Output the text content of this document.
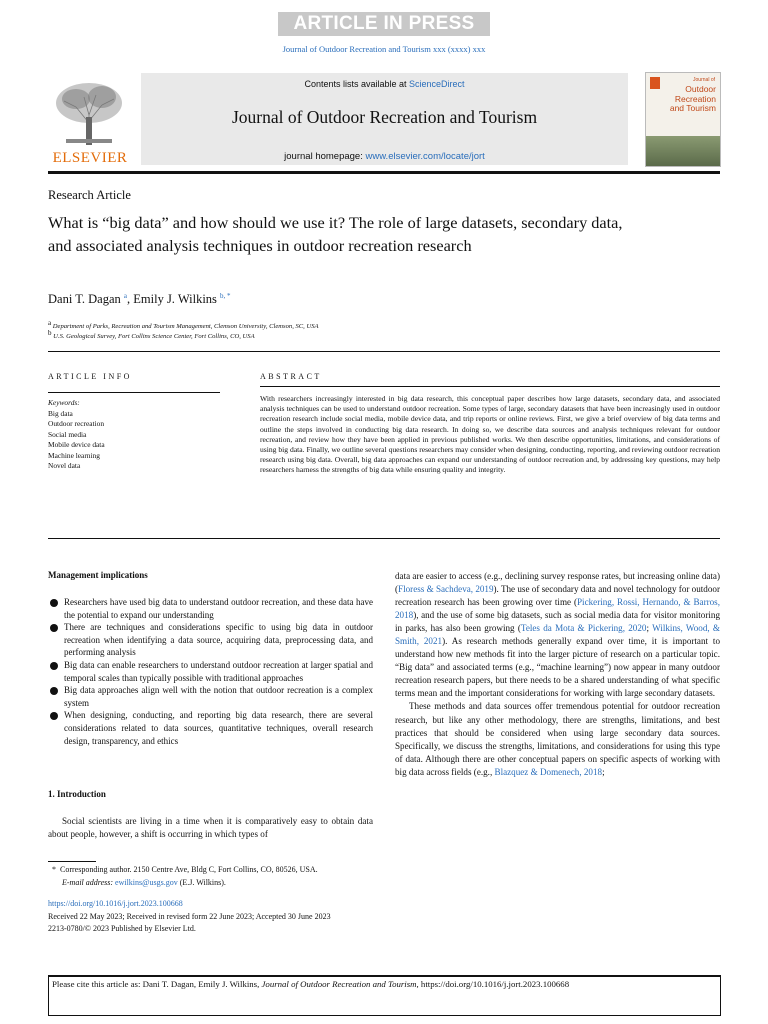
ARTICLE IN PRESS
Journal of Outdoor Recreation and Tourism xxx (xxxx) xxx
ELSEVIER
Contents lists available at ScienceDirect
Journal of Outdoor Recreation and Tourism
journal homepage: www.elsevier.com/locate/jort
Journal of
Outdoor
Recreation
and Tourism
Research Article
What is “big data” and how should we use it? The role of large datasets, secondary data, and associated analysis techniques in outdoor recreation research
Dani T. Dagan $^a$, Emily J. Wilkins $^{b, *}$
$^a$ Department of Parks, Recreation and Tourism Management, Clemson University, Clemson, SC, USA
$^b$ U.S. Geological Survey, Fort Collins Science Center, Fort Collins, CO, USA
ARTICLE INFO
Keywords:
Big data
Outdoor recreation
Social media
Mobile device data
Machine learning
Novel data
ABSTRACT
With researchers increasingly interested in big data research, this conceptual paper describes how large datasets, secondary data, and associated analysis techniques can be used to understand outdoor recreation. Some types of large, secondary datasets that have been increasingly used in outdoor recreation research include social media, mobile device data, and trip reports or online reviews. First, we give a brief overview of big data terms and outline the steps involved in conducting big data research. In doing so, we describe data sources and analysis techniques relevant for outdoor recreation, and review how they have been applied in previous published works. We then describe opportunities, limitations, and considerations of using big data. Finally, we outline several questions researchers may consider when designing, conducting, reporting, and reviewing outdoor recreation research using big data. Overall, big data approaches can expand our understanding of outdoor recreation and, by addressing key questions, may help researchers harness the strengths of big data while ensuring quality and integrity.
Management implications
Researchers have used big data to understand outdoor recreation, and these data have the potential to expand our understanding
There are techniques and considerations specific to using big data in outdoor recreation when identifying a data source, acquiring data, preprocessing data, and performing analysis
Big data can enable researchers to understand outdoor recreation at larger spatial and temporal scales than typically possible with traditional approaches
Big data approaches align well with the notion that outdoor recreation is a complex system
When designing, conducting, and reporting big data research, there are several considerations related to data sources, quantitative techniques, overall research design, transparency, and ethics
1. Introduction
Social scientists are living in a time when it is comparatively easy to obtain data about people, however, a shift is occurring in which types of

data are easier to access (e.g., declining survey response rates, but increasing online data) (Floress & Sachdeva, 2019). The use of secondary data and novel technology for outdoor recreation research has been growing over time (Pickering, Rossi, Hernando, & Barros, 2018), and the use of some big datasets, such as social media data for visitor monitoring in parks, has also been growing (Teles da Mota & Pickering, 2020; Wilkins, Wood, & Smith, 2021). As research methods generally expand over time, it is important to understand how new methods fit into the larger picture of research on a particular topic. “Big data” and associated terms (e.g., “machine learning”) now appear in many outdoor recreation research papers, but there needs to be a shared understanding of what specific terms mean and the important considerations for working with large secondary datasets.

These methods and data sources offer tremendous potential for outdoor recreation research, but like any other methodology, there are strengths, limitations, and best practices that should be considered when using large secondary data sources. Specifically, we discuss the strengths, limitations, and considerations for using this type of data. Although there are other conceptual papers on specific aspects of working with big data across fields (e.g., Blazquez & Domenech, 2018;

* Corresponding author. 2150 Centre Ave, Bldg C, Fort Collins, CO, 80526, USA.
E-mail address: ewilkins@usgs.gov (E.J. Wilkins).
https://doi.org/10.1016/j.jort.2023.100668
Received 22 May 2023; Received in revised form 22 June 2023; Accepted 30 June 2023
2213-0780/© 2023 Published by Elsevier Ltd.
Please cite this article as: Dani T. Dagan, Emily J. Wilkins, Journal of Outdoor Recreation and Tourism, https://doi.org/10.1016/j.jort.2023.100668
